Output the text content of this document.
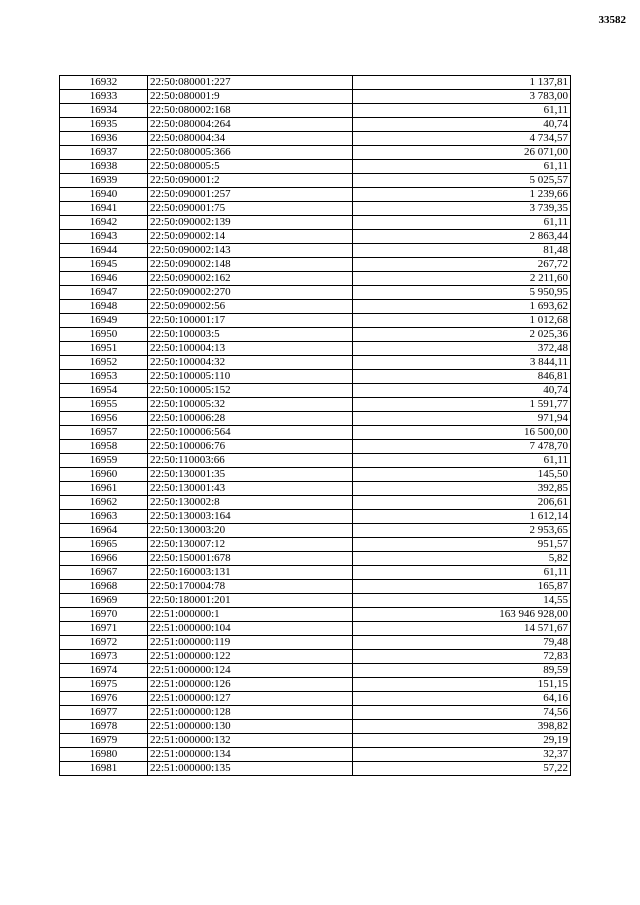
33582
16932	22:50:080001:227	1 137,81
16933	22:50:080001:9	3 783,00
16934	22:50:080002:168	61,11
16935	22:50:080004:264	40,74
16936	22:50:080004:34	4 734,57
16937	22:50:080005:366	26 071,00
16938	22:50:080005:5	61,11
16939	22:50:090001:2	5 025,57
16940	22:50:090001:257	1 239,66
16941	22:50:090001:75	3 739,35
16942	22:50:090002:139	61,11
16943	22:50:090002:14	2 863,44
16944	22:50:090002:143	81,48
16945	22:50:090002:148	267,72
16946	22:50:090002:162	2 211,60
16947	22:50:090002:270	5 950,95
16948	22:50:090002:56	1 693,62
16949	22:50:100001:17	1 012,68
16950	22:50:100003:5	2 025,36
16951	22:50:100004:13	372,48
16952	22:50:100004:32	3 844,11
16953	22:50:100005:110	846,81
16954	22:50:100005:152	40,74
16955	22:50:100005:32	1 591,77
16956	22:50:100006:28	971,94
16957	22:50:100006:564	16 500,00
16958	22:50:100006:76	7 478,70
16959	22:50:110003:66	61,11
16960	22:50:130001:35	145,50
16961	22:50:130001:43	392,85
16962	22:50:130002:8	206,61
16963	22:50:130003:164	1 612,14
16964	22:50:130003:20	2 953,65
16965	22:50:130007:12	951,57
16966	22:50:150001:678	5,82
16967	22:50:160003:131	61,11
16968	22:50:170004:78	165,87
16969	22:50:180001:201	14,55
16970	22:51:000000:1	163 946 928,00
16971	22:51:000000:104	14 571,67
16972	22:51:000000:119	79,48
16973	22:51:000000:122	72,83
16974	22:51:000000:124	89,59
16975	22:51:000000:126	151,15
16976	22:51:000000:127	64,16
16977	22:51:000000:128	74,56
16978	22:51:000000:130	398,82
16979	22:51:000000:132	29,19
16980	22:51:000000:134	32,37
16981	22:51:000000:135	57,22
